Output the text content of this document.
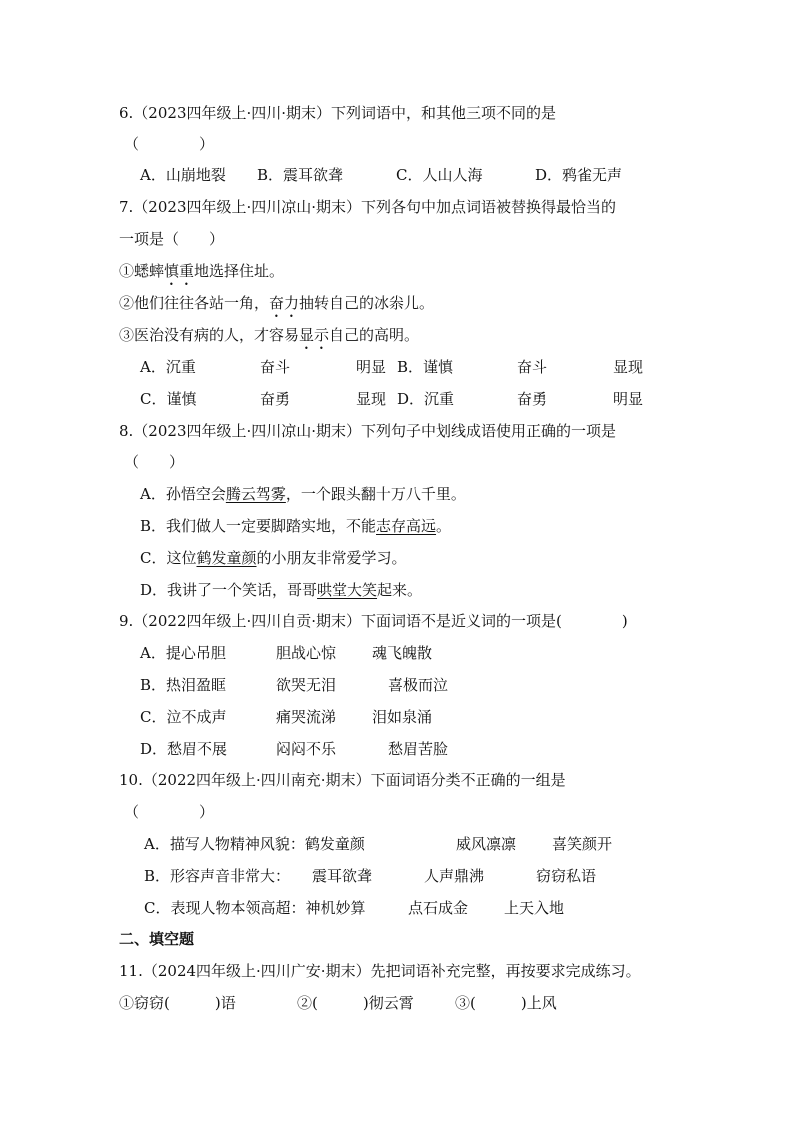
6.（2023四年级上·四川·期末）下列词语中，和其他三项不同的是
（　　　　）
A．山崩地裂 B．震耳欲聋	C．人山人海	D．鸦雀无声
7.（2023四年级上·四川凉山·期末）下列各句中加点词语被替换得最恰当的
一项是（　　）
①蟋蟀慎重地选择住址。
②他们往往各站一角，奋力抽转自己的冰尜儿。
③医治没有病的人，才容易显示自己的高明。
A．沉重	奋斗	明显 B．谨慎	奋斗	显现
C．谨慎	奋勇	显现 D．沉重	奋勇	明显
8.（2023四年级上·四川凉山·期末）下列句子中划线成语使用正确的一项是
（　　）
A．孙悟空会腾云驾雾，一个跟头翻十万八千里。
B．我们做人一定要脚踏实地，不能志存高远。
C．这位鹤发童颜的小朋友非常爱学习。
D．我讲了一个笑话，哥哥哄堂大笑起来。
9.（2022四年级上·四川自贡·期末）下面词语不是近义词的一项是(　　　　)
A．提心吊胆	胆战心惊 魂飞魄散
B．热泪盈眶	欲哭无泪	喜极而泣
C．泣不成声	痛哭流涕 泪如泉涌
D．愁眉不展	闷闷不乐	愁眉苦脸
10.（2022四年级上·四川南充·期末）下面词语分类不正确的一组是
（　　　　）
A．描写人物精神风貌：鹤发童颜	威风凛凛 喜笑颜开
B．形容声音非常大： 震耳欲聋	人声鼎沸	窃窃私语
C．表现人物本领高超：神机妙算	点石成金 上天入地
二、填空题
11.（2024四年级上·四川广安·期末）先把词语补充完整，再按要求完成练习。
①窃窃(　　　)语	②(　　　)彻云霄	③(　　　)上风
